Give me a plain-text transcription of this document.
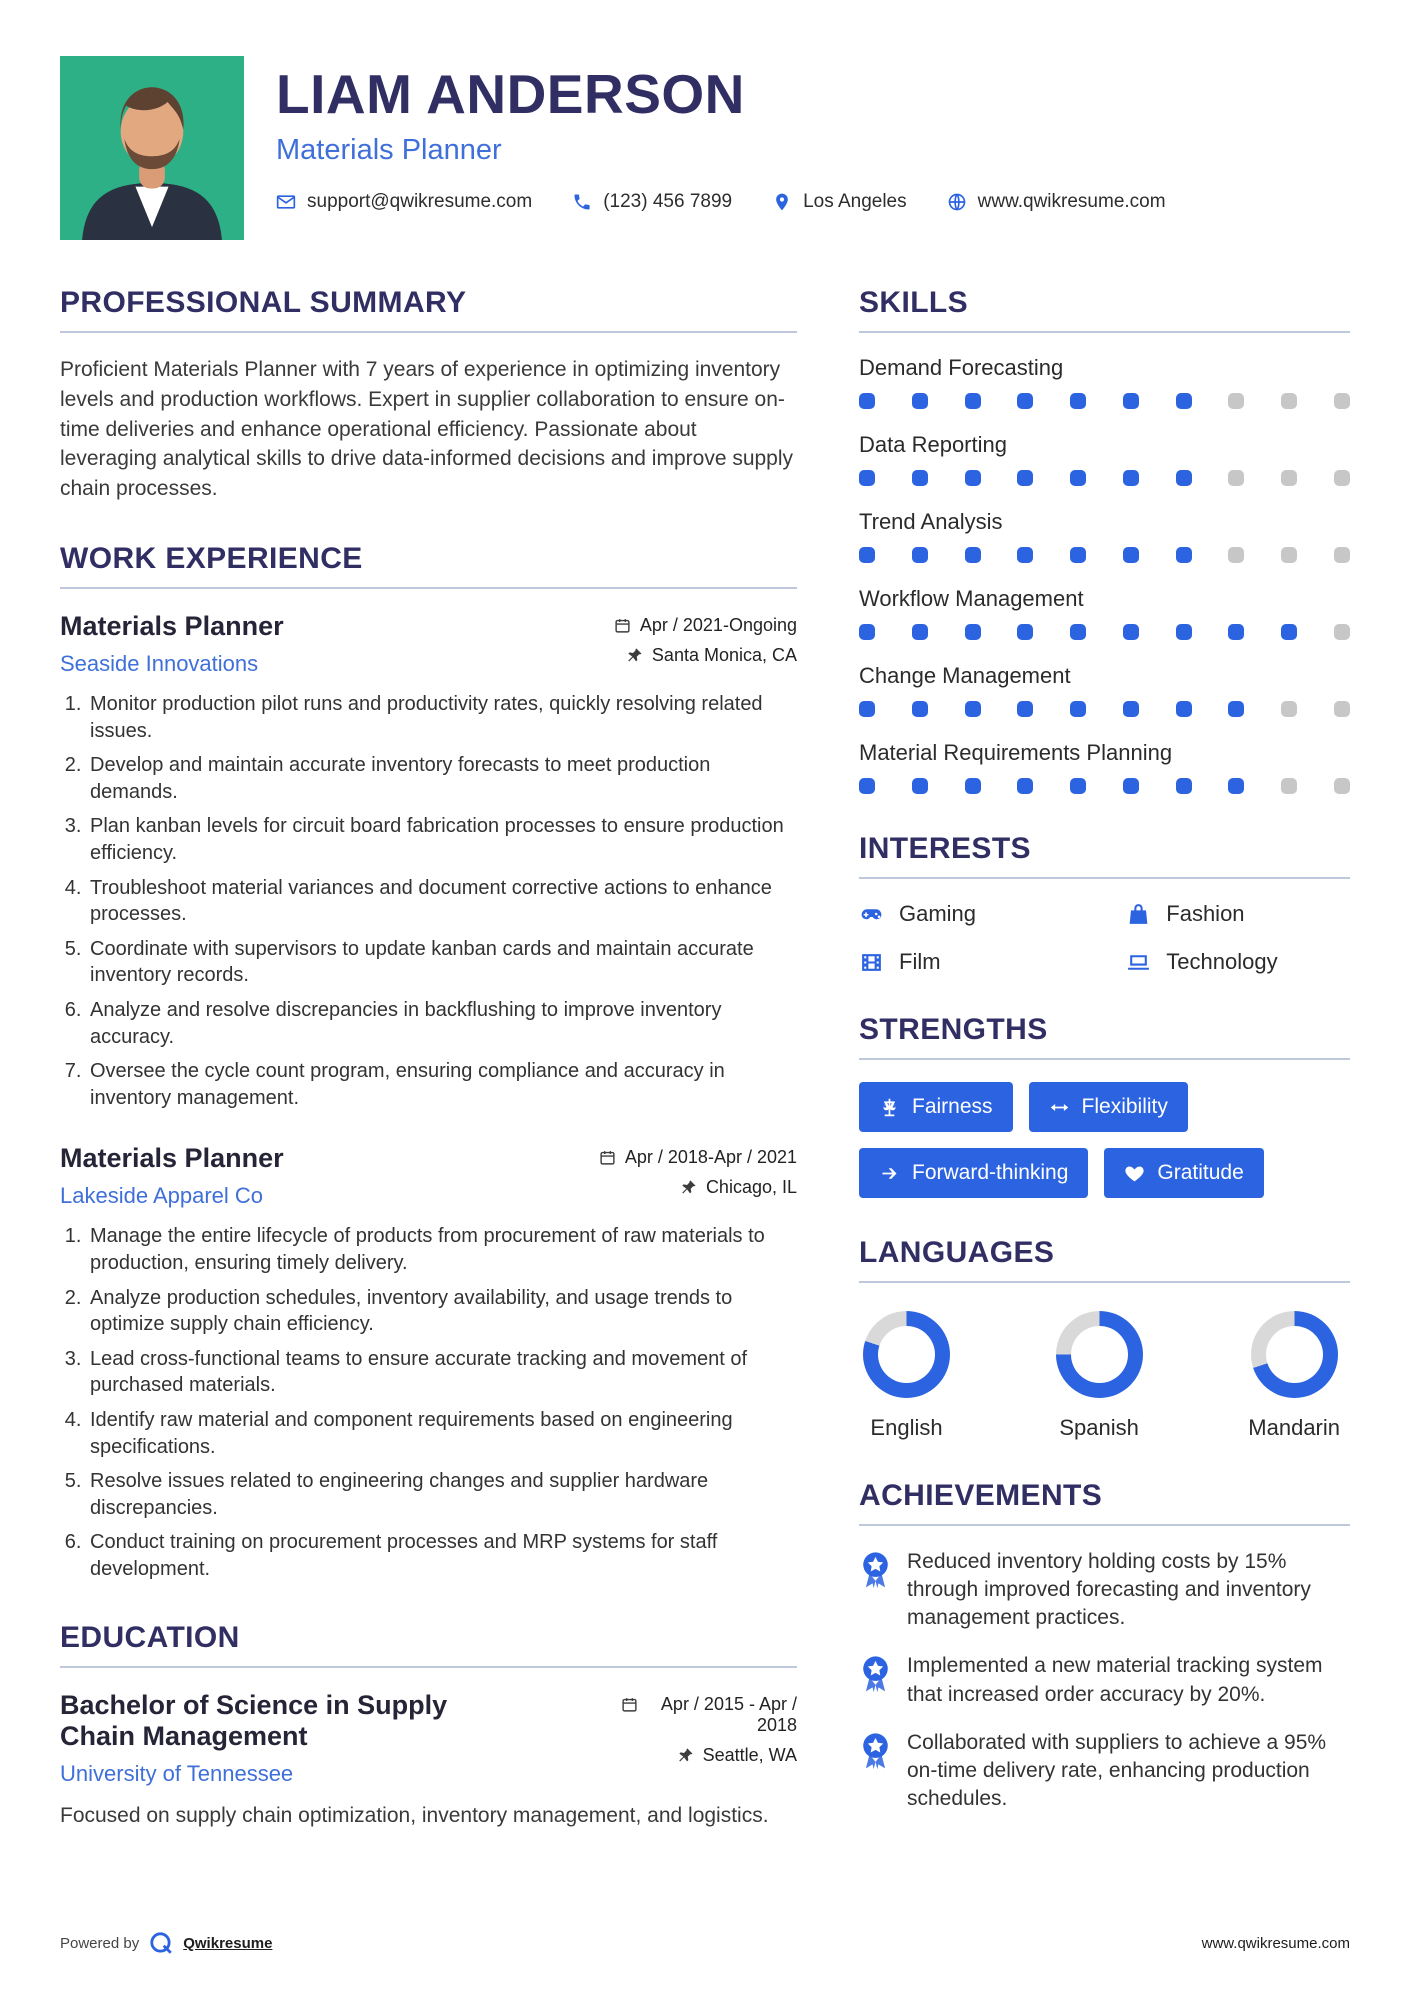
LIAM ANDERSON
Materials Planner
support@qwikresume.com	(123) 456 7899	Los Angeles	www.qwikresume.com
PROFESSIONAL SUMMARY

Proficient Materials Planner with 7 years of experience in optimizing inventory levels and production workflows. Expert in supplier collaboration to ensure on-time deliveries and enhance operational efficiency. Passionate about leveraging analytical skills to drive data-informed decisions and improve supply chain processes.

WORK EXPERIENCE
Materials Planner
Seaside Innovations
Apr / 2021-Ongoing
Santa Monica, CA
1. Monitor production pilot runs and productivity rates, quickly resolving related issues.
2. Develop and maintain accurate inventory forecasts to meet production demands.
3. Plan kanban levels for circuit board fabrication processes to ensure production efficiency.
4. Troubleshoot material variances and document corrective actions to enhance processes.
5. Coordinate with supervisors to update kanban cards and maintain accurate inventory records.
6. Analyze and resolve discrepancies in backflushing to improve inventory accuracy.
7. Oversee the cycle count program, ensuring compliance and accuracy in inventory management.
Materials Planner
Lakeside Apparel Co
Apr / 2018-Apr / 2021
Chicago, IL
1. Manage the entire lifecycle of products from procurement of raw materials to production, ensuring timely delivery.
2. Analyze production schedules, inventory availability, and usage trends to optimize supply chain efficiency.
3. Lead cross-functional teams to ensure accurate tracking and movement of purchased materials.
4. Identify raw material and component requirements based on engineering specifications.
5. Resolve issues related to engineering changes and supplier hardware discrepancies.
6. Conduct training on procurement processes and MRP systems for staff development.
EDUCATION
Bachelor of Science in Supply Chain Management
University of Tennessee
Apr / 2015 - Apr / 2018
Seattle, WA

Focused on supply chain optimization, inventory management, and logistics.

SKILLS
Demand Forecasting
Data Reporting
Trend Analysis
Workflow Management
Change Management
Material Requirements Planning
INTERESTS
Gaming	Fashion
Film	Technology
STRENGTHS
Fairness	Flexibility
Forward-thinking	Gratitude
LANGUAGES
English	Spanish	Mandarin
ACHIEVEMENTS

Reduced inventory holding costs by 15% through improved forecasting and inventory management practices.

Implemented a new material tracking system that increased order accuracy by 20%.

Collaborated with suppliers to achieve a 95% on-time delivery rate, enhancing production schedules.

Powered by	Qwikresume	www.qwikresume.com
